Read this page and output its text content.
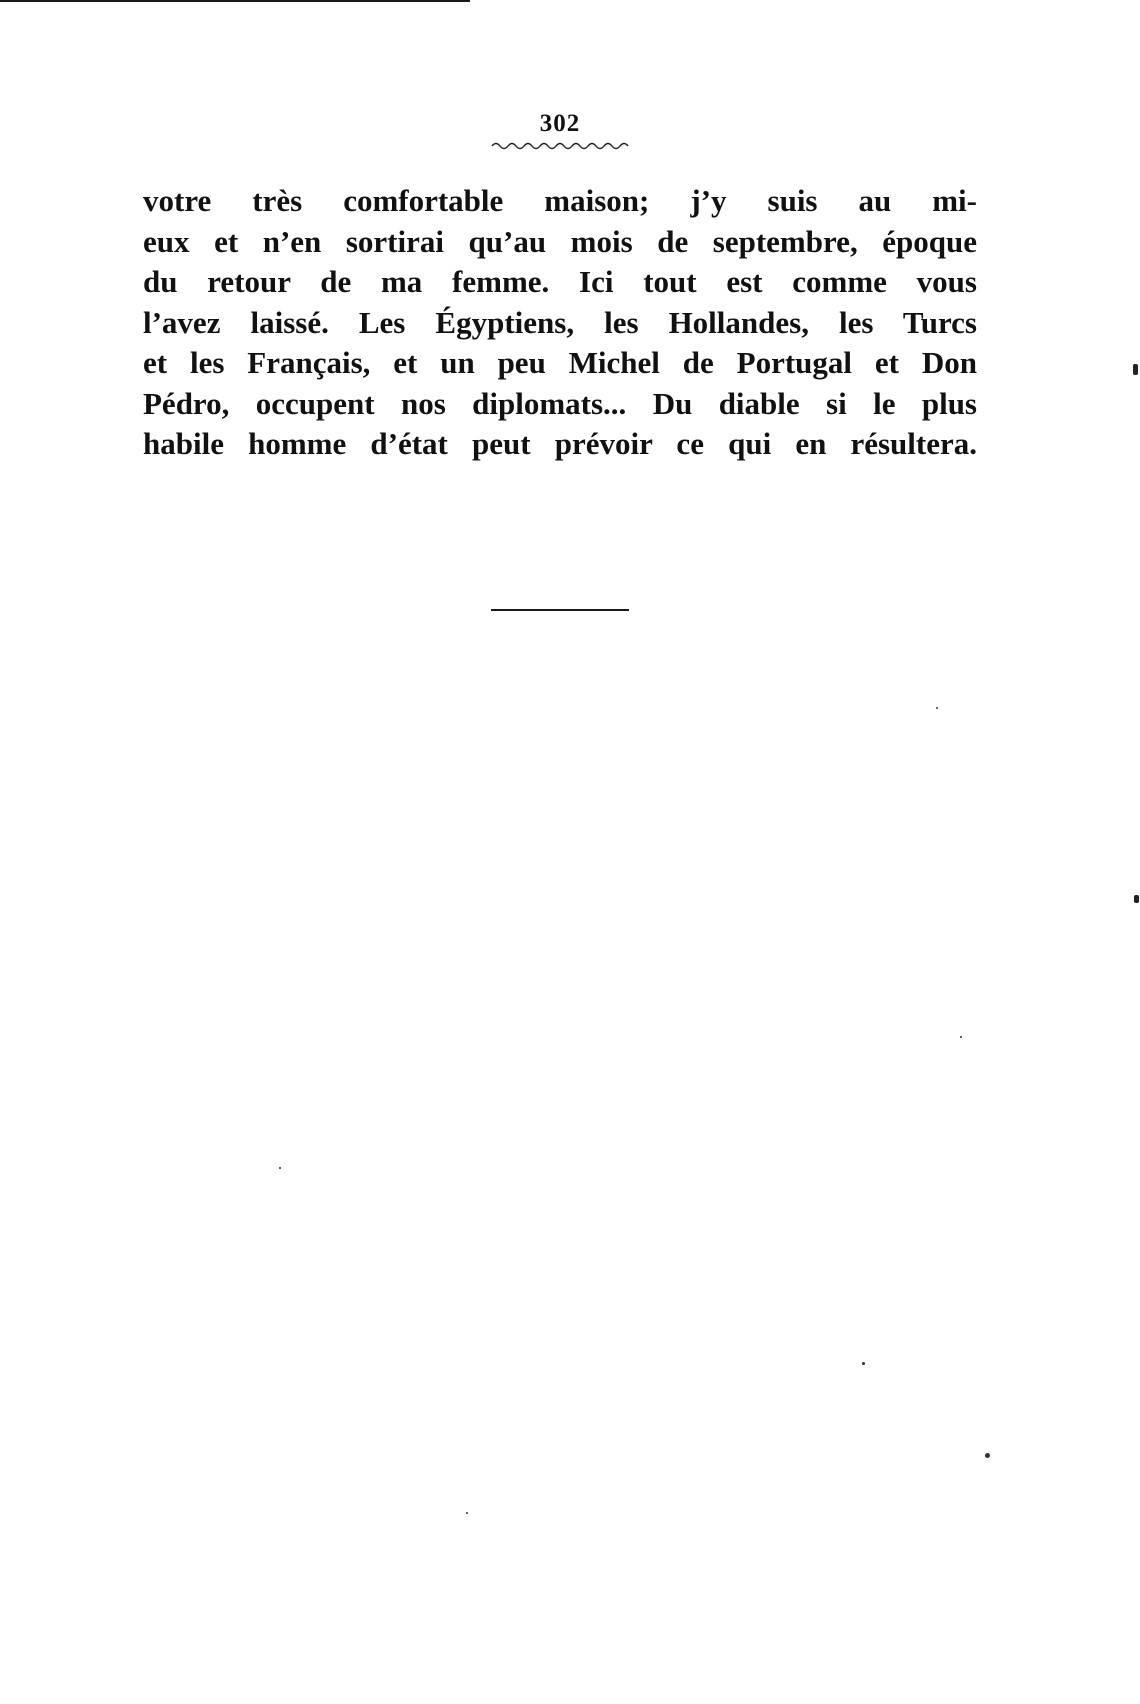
302

votre très comfortable maison; j’y suis au mi-
eux et n’en sortirai qu’au mois de septembre, époque
du retour de ma femme. Ici tout est comme vous
l’avez laissé. Les Égyptiens, les Hollandes, les Turcs
et les Français, et un peu Michel de Portugal et Don
Pédro, occupent nos diplomats... Du diable si le plus
habile homme d’état peut prévoir ce qui en résultera.
